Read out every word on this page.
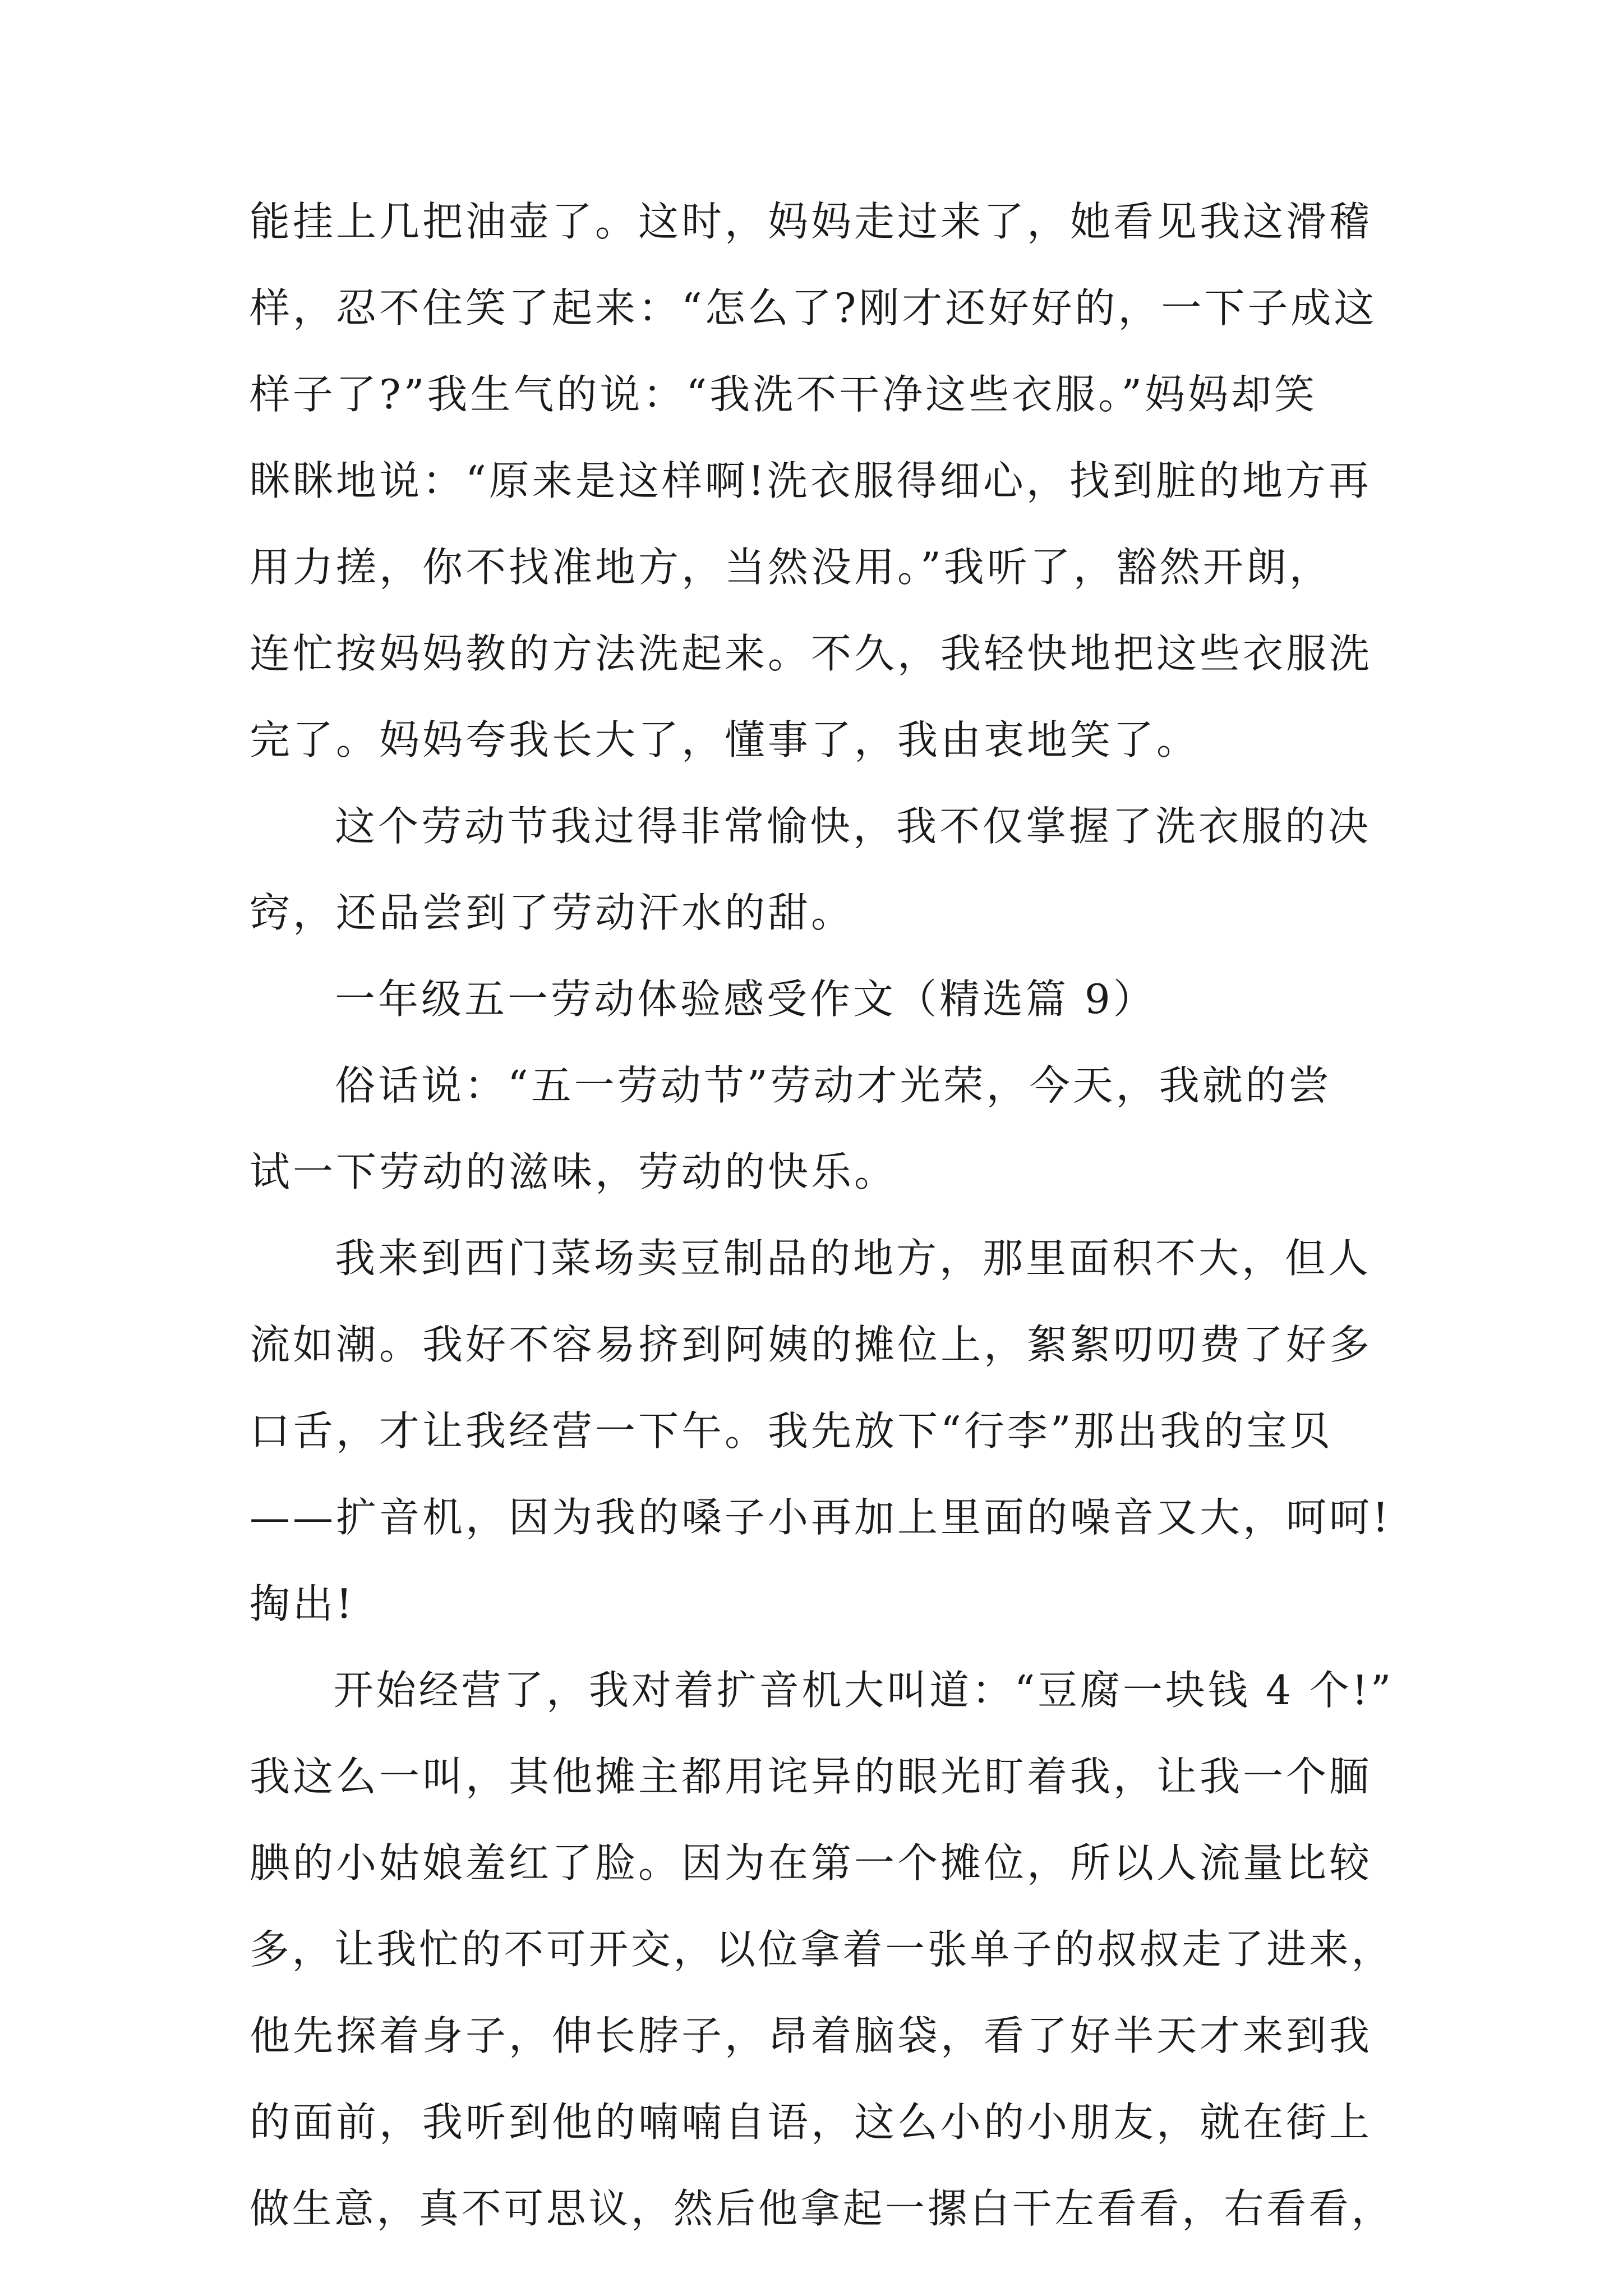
能挂上几把油壶了。这时，妈妈走过来了，她看见我这滑稽
样，忍不住笑了起来：“怎么了?刚才还好好的，一下子成这
样子了?”我生气的说：“我洗不干净这些衣服。”妈妈却笑
眯眯地说：“原来是这样啊!洗衣服得细心，找到脏的地方再
用力搓，你不找准地方，当然没用。”我听了，豁然开朗，
连忙按妈妈教的方法洗起来。不久，我轻快地把这些衣服洗
完了。妈妈夸我长大了，懂事了，我由衷地笑了。
这个劳动节我过得非常愉快，我不仅掌握了洗衣服的决
窍，还品尝到了劳动汗水的甜。
一年级五一劳动体验感受作文（精选篇 9）
俗话说：“五一劳动节”劳动才光荣，今天，我就的尝
试一下劳动的滋味，劳动的快乐。
我来到西门菜场卖豆制品的地方，那里面积不大，但人
流如潮。我好不容易挤到阿姨的摊位上，絮絮叨叨费了好多
口舌，才让我经营一下午。我先放下“行李”那出我的宝贝
——扩音机，因为我的嗓子小再加上里面的噪音又大，呵呵!
掏出!
开始经营了，我对着扩音机大叫道：“豆腐一块钱 4 个!”
我这么一叫，其他摊主都用诧异的眼光盯着我，让我一个腼
腆的小姑娘羞红了脸。因为在第一个摊位，所以人流量比较
多，让我忙的不可开交，以位拿着一张单子的叔叔走了进来，
他先探着身子，伸长脖子，昂着脑袋，看了好半天才来到我
的面前，我听到他的喃喃自语，这么小的小朋友，就在街上
做生意，真不可思议，然后他拿起一摞白干左看看，右看看，
